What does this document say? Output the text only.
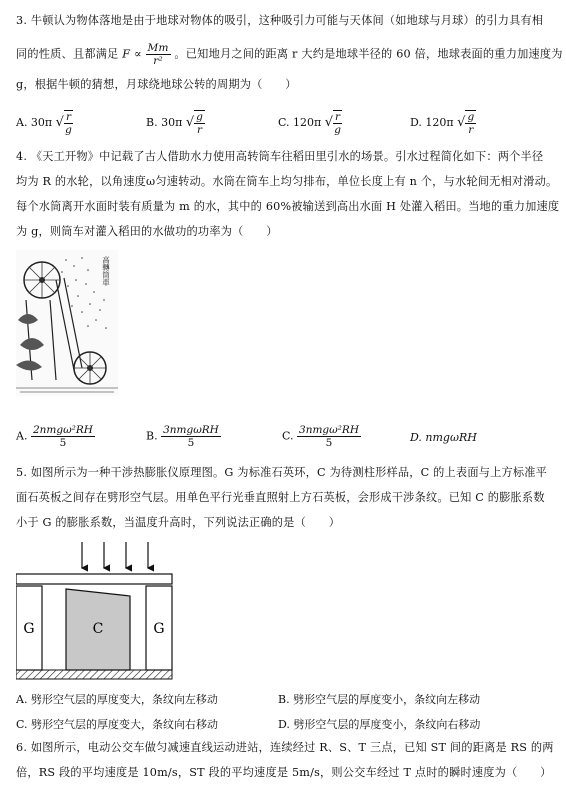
3. 牛顿认为物体落地是由于地球对物体的吸引，这种吸引力可能与天体间（如地球与月球）的引力具有相
同的性质、且都满足 $F \propto \frac{Mm}{\text{r²}}$ 。已知地月之间的距离 r 大约是地球半径的 60 倍，地球表面的重力加速度为
g，根据牛顿的猜想，月球绕地球公转的周期为（　　）
A. 30π √ $\frac{r}{g}$	B. 30π √ $\frac{g}{r}$	C. 120π √ $\frac{r}{g}$	D. 120π √ $\frac{g}{r}$
4. 《天工开物》中记载了古人借助水力使用高转筒车往稻田里引水的场景。引水过程简化如下：两个半径
均为 R 的水轮，以角速度ω匀速转动。水筒在筒车上均匀排布，单位长度上有 n 个，与水轮间无相对滑动。
每个水筒离开水面时装有质量为 m 的水，其中的 60%被输送到高出水面 H 处灌入稻田。当地的重力加速度
为 g，则筒车对灌入稻田的水做功的功率为（　　）
高轉筒車
A. $\frac{\text{2nmgω²RH}}{5}$	B. $\frac{\text{3nmgωRH}}{5}$	C. $\frac{\text{3nmgω²RH}}{5}$	D. nmgωRH
5. 如图所示为一种干涉热膨胀仪原理图。G 为标准石英环，C 为待测柱形样品，C 的上表面与上方标准平
面石英板之间存在劈形空气层。用单色平行光垂直照射上方石英板，会形成干涉条纹。已知 C 的膨胀系数
小于 G 的膨胀系数，当温度升高时，下列说法正确的是（　　）
G	C	G
A. 劈形空气层的厚度变大，条纹向左移动	B. 劈形空气层的厚度变小，条纹向左移动
C. 劈形空气层的厚度变大，条纹向右移动	D. 劈形空气层的厚度变小，条纹向右移动
6. 如图所示，电动公交车做匀减速直线运动进站，连续经过 R、S、T 三点，已知 ST 间的距离是 RS 的两
倍，RS 段的平均速度是 10m/s，ST 段的平均速度是 5m/s，则公交车经过 T 点时的瞬时速度为（　　）
